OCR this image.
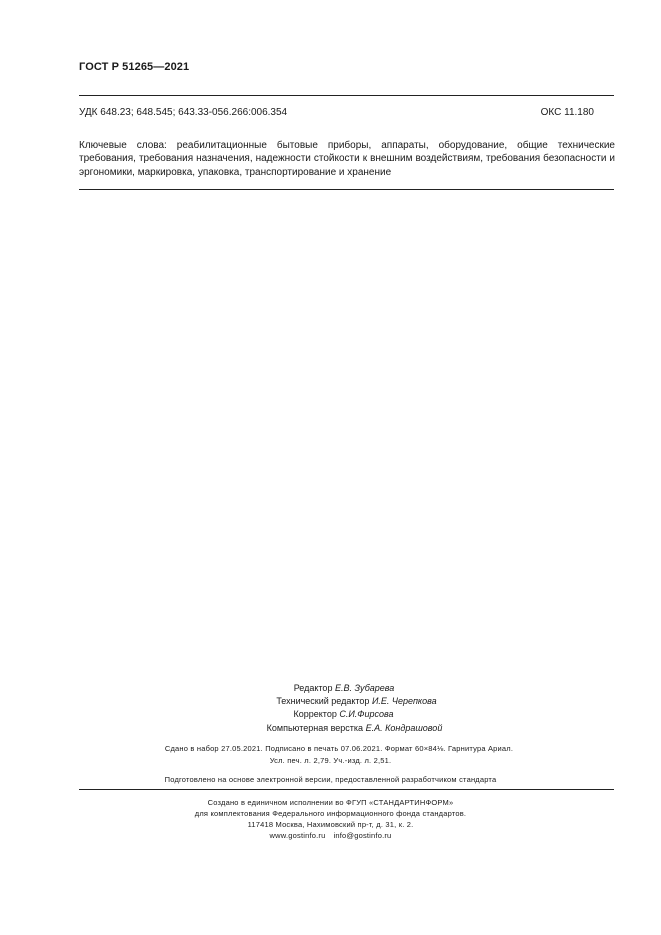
ГОСТ Р 51265—2021
УДК 648.23; 648.545; 643.33-056.266:006.354	ОКС 11.180
Ключевые слова: реабилитационные бытовые приборы, аппараты, оборудование, общие технические требования, требования назначения, надежности стойкости к внешним воздействиям, требования безопасности и эргономики, маркировка, упаковка, транспортирование и хранение
Редактор Е.В. Зубарева
Технический редактор И.Е. Черепкова
Корректор С.И.Фирсова
Компьютерная верстка Е.А. Кондрашовой
Сдано в набор 27.05.2021. Подписано в печать 07.06.2021. Формат 60×84⅛. Гарнитура Ариал.
Усл. печ. л. 2,79. Уч.-изд. л. 2,51.
Подготовлено на основе электронной версии, предоставленной разработчиком стандарта
Создано в единичном исполнении во ФГУП «СТАНДАРТИНФОРМ»
для комплектования Федерального информационного фонда стандартов.
117418 Москва, Нахимовский пр-т, д. 31, к. 2.
www.gostinfo.ru info@gostinfo.ru
